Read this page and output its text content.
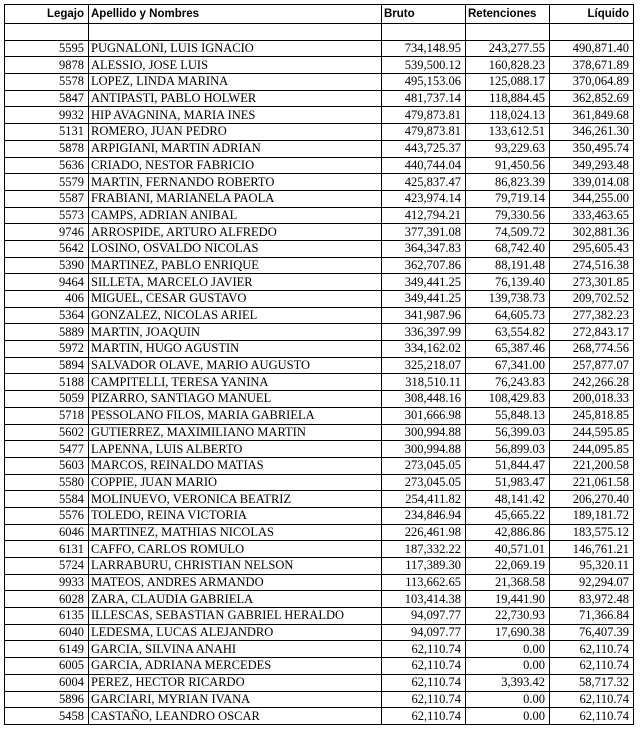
Legajo	Apellido y Nombres	Bruto	Retenciones	Líquido

5595	PUGNALONI, LUIS IGNACIO	734,148.95	243,277.55	490,871.40
9878	ALESSIO, JOSE LUIS	539,500.12	160,828.23	378,671.89
5578	LOPEZ, LINDA MARINA	495,153.06	125,088.17	370,064.89
5847	ANTIPASTI, PABLO HOLWER	481,737.14	118,884.45	362,852.69
9932	HIP AVAGNINA, MARIA INES	479,873.81	118,024.13	361,849.68
5131	ROMERO, JUAN PEDRO	479,873.81	133,612.51	346,261.30
5878	ARPIGIANI, MARTIN ADRIAN	443,725.37	93,229.63	350,495.74
5636	CRIADO, NESTOR FABRICIO	440,744.04	91,450.56	349,293.48
5579	MARTIN, FERNANDO ROBERTO	425,837.47	86,823.39	339,014.08
5587	FRABIANI, MARIANELA PAOLA	423,974.14	79,719.14	344,255.00
5573	CAMPS, ADRIAN ANIBAL	412,794.21	79,330.56	333,463.65
9746	ARROSPIDE, ARTURO ALFREDO	377,391.08	74,509.72	302,881.36
5642	LOSINO, OSVALDO NICOLAS	364,347.83	68,742.40	295,605.43
5390	MARTINEZ, PABLO ENRIQUE	362,707.86	88,191.48	274,516.38
9464	SILLETA, MARCELO JAVIER	349,441.25	76,139.40	273,301.85
406	MIGUEL, CESAR GUSTAVO	349,441.25	139,738.73	209,702.52
5364	GONZALEZ, NICOLAS ARIEL	341,987.96	64,605.73	277,382.23
5889	MARTIN, JOAQUIN	336,397.99	63,554.82	272,843.17
5972	MARTIN, HUGO AGUSTIN	334,162.02	65,387.46	268,774.56
5894	SALVADOR OLAVE, MARIO AUGUSTO	325,218.07	67,341.00	257,877.07
5188	CAMPITELLI, TERESA YANINA	318,510.11	76,243.83	242,266.28
5059	PIZARRO, SANTIAGO MANUEL	308,448.16	108,429.83	200,018.33
5718	PESSOLANO FILOS, MARIA GABRIELA	301,666.98	55,848.13	245,818.85
5602	GUTIERREZ, MAXIMILIANO MARTIN	300,994.88	56,399.03	244,595.85
5477	LAPENNA, LUIS ALBERTO	300,994.88	56,899.03	244,095.85
5603	MARCOS, REINALDO MATIAS	273,045.05	51,844.47	221,200.58
5580	COPPIE, JUAN MARIO	273,045.05	51,983.47	221,061.58
5584	MOLINUEVO, VERONICA BEATRIZ	254,411.82	48,141.42	206,270.40
5576	TOLEDO, REINA VICTORIA	234,846.94	45,665.22	189,181.72
6046	MARTINEZ, MATHIAS NICOLAS	226,461.98	42,886.86	183,575.12
6131	CAFFO, CARLOS ROMULO	187,332.22	40,571.01	146,761.21
5724	LARRABURU, CHRISTIAN NELSON	117,389.30	22,069.19	95,320.11
9933	MATEOS, ANDRES ARMANDO	113,662.65	21,368.58	92,294.07
6028	ZARA, CLAUDIA GABRIELA	103,414.38	19,441.90	83,972.48
6135	ILLESCAS, SEBASTIAN GABRIEL HERALDO	94,097.77	22,730.93	71,366.84
6040	LEDESMA, LUCAS ALEJANDRO	94,097.77	17,690.38	76,407.39
6149	GARCIA, SILVINA ANAHI	62,110.74	0.00	62,110.74
6005	GARCIA, ADRIANA MERCEDES	62,110.74	0.00	62,110.74
6004	PEREZ, HECTOR RICARDO	62,110.74	3,393.42	58,717.32
5896	GARCIARI, MYRIAN IVANA	62,110.74	0.00	62,110.74
5458	CASTAÑO, LEANDRO OSCAR	62,110.74	0.00	62,110.74
